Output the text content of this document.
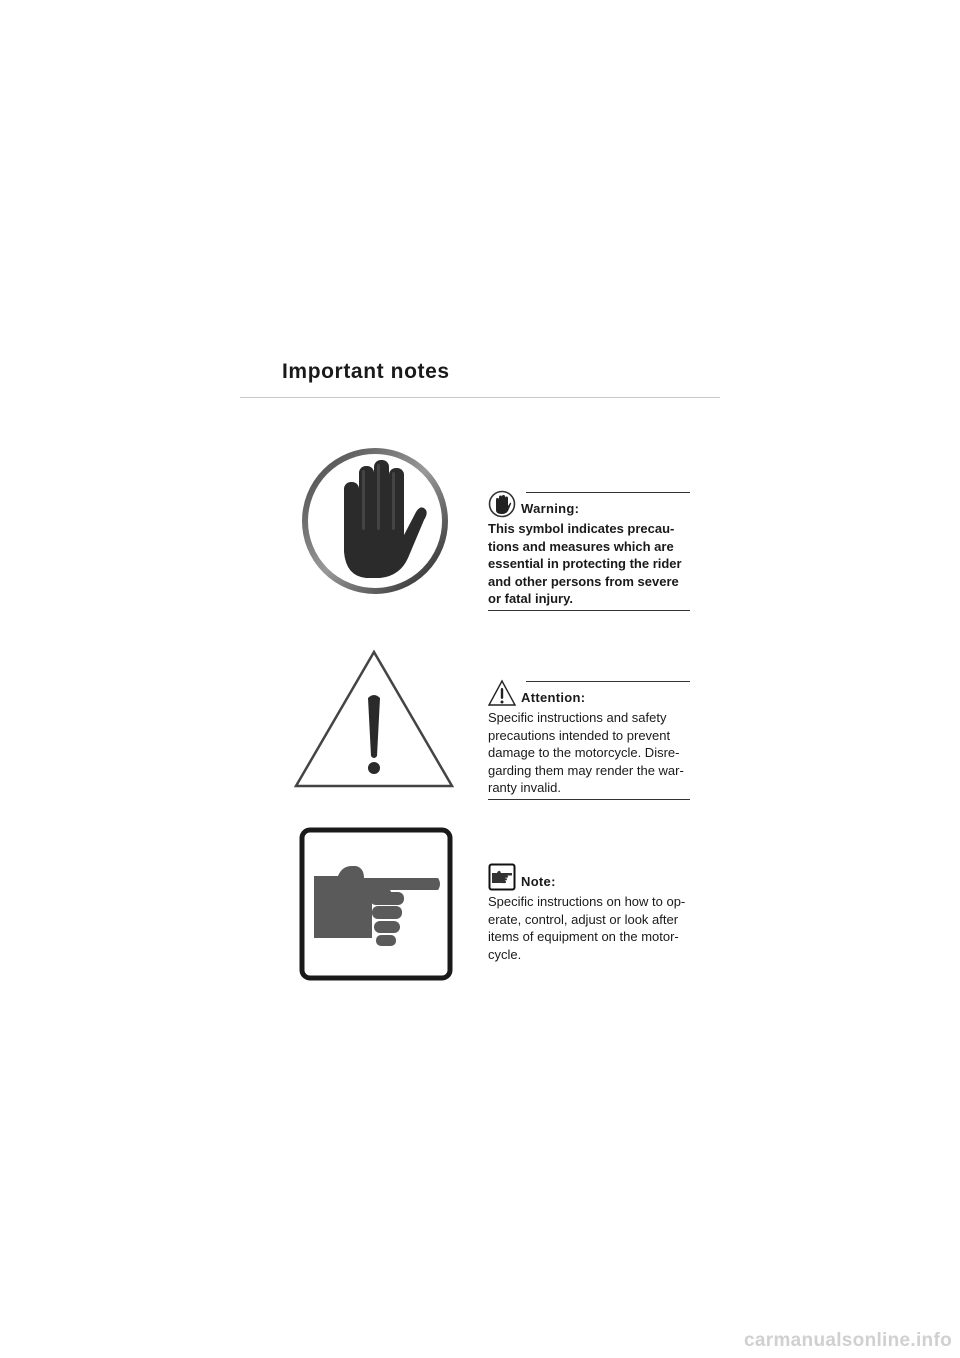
Important notes
Warning:

This symbol indicates precau- tions and measures which are essential in protecting the rider and other persons from severe or fatal injury.

Attention:

Specific instructions and safety precautions intended to prevent damage to the motorcycle. Disre- garding them may render the war- ranty invalid.

Note:

Specific instructions on how to op- erate, control, adjust or look after items of equipment on the motor- cycle.

carmanualsonline.info
